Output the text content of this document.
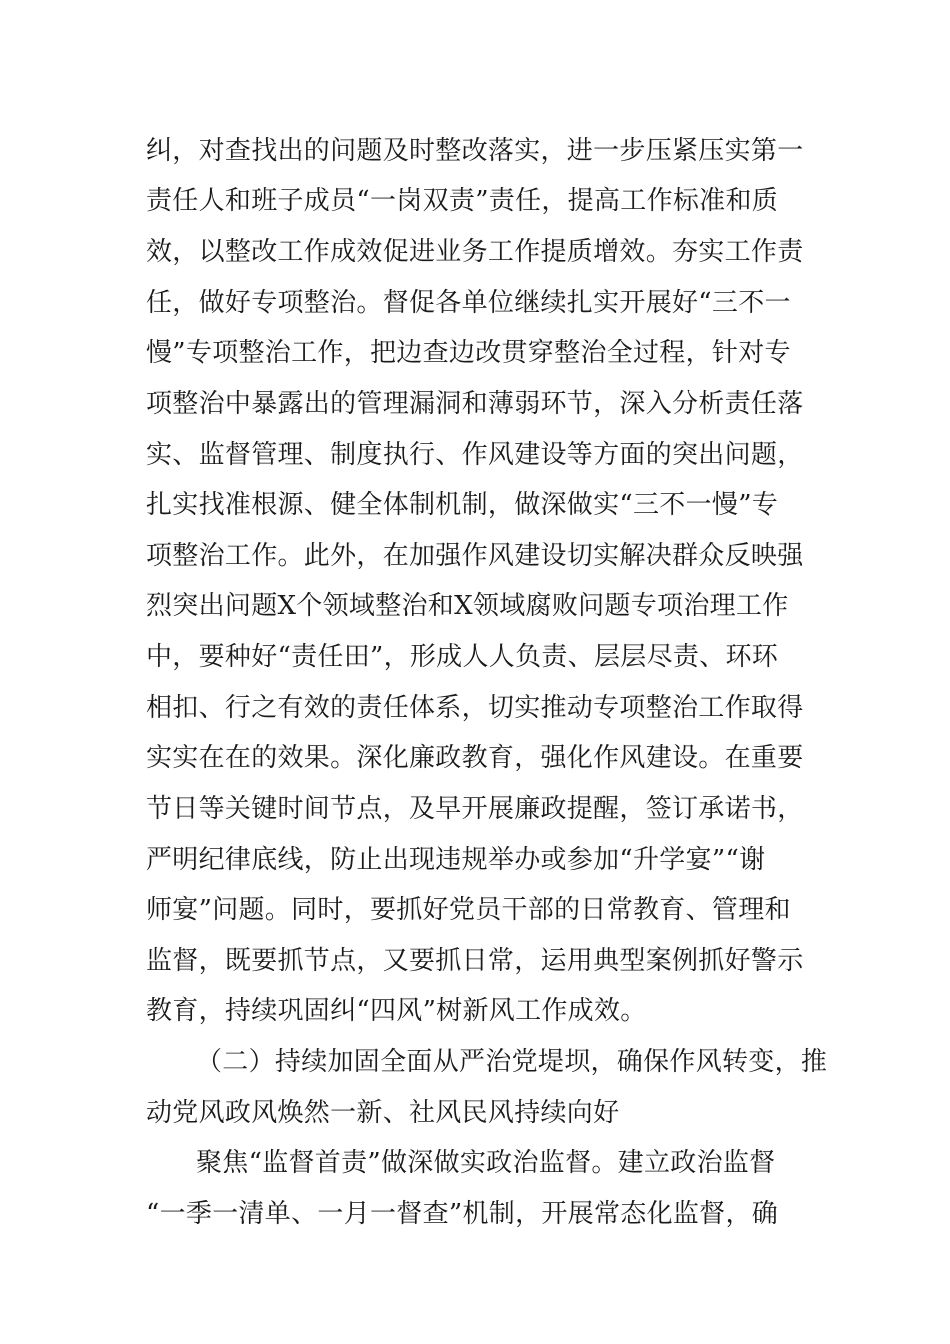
纠，对查找出的问题及时整改落实，进一步压紧压实第一
责任人和班子成员“一岗双责”责任，提高工作标准和质
效，以整改工作成效促进业务工作提质增效。夯实工作责
任，做好专项整治。督促各单位继续扎实开展好“三不一
慢”专项整治工作，把边查边改贯穿整治全过程，针对专
项整治中暴露出的管理漏洞和薄弱环节，深入分析责任落
实、监督管理、制度执行、作风建设等方面的突出问题，
扎实找准根源、健全体制机制，做深做实“三不一慢”专
项整治工作。此外，在加强作风建设切实解决群众反映强
烈突出问题X个领域整治和X领域腐败问题专项治理工作
中，要种好“责任田”，形成人人负责、层层尽责、环环
相扣、行之有效的责任体系，切实推动专项整治工作取得
实实在在的效果。深化廉政教育，强化作风建设。在重要
节日等关键时间节点，及早开展廉政提醒，签订承诺书，
严明纪律底线，防止出现违规举办或参加“升学宴”“谢
师宴”问题。同时，要抓好党员干部的日常教育、管理和
监督，既要抓节点，又要抓日常，运用典型案例抓好警示
教育，持续巩固纠“四风”树新风工作成效。
（二）持续加固全面从严治党堤坝，确保作风转变，推
动党风政风焕然一新、社风民风持续向好
聚焦“监督首责”做深做实政治监督。建立政治监督
“一季一清单、一月一督查”机制，开展常态化监督，确
